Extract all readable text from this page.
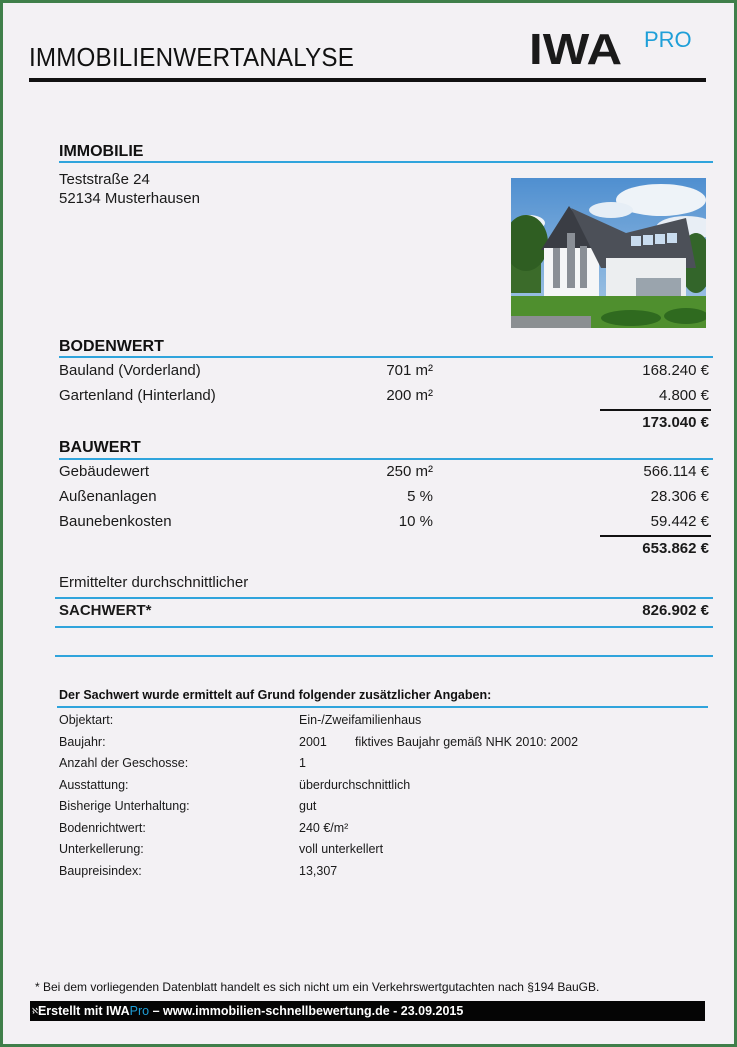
IMMOBILIENWERTANALYSE	IWA PRO
IMMOBILIE
Teststraße 24
52134 Musterhausen
BODENWERT
Bauland (Vorderland)	701 m²	168.240 €
Gartenland (Hinterland)	200 m²	4.800 €
173.040 €
BAUWERT
Gebäudewert	250 m²	566.114 €
Außenanlagen	5 %	28.306 €
Baunebenkosten	10 %	59.442 €
653.862 €
Ermittelter durchschnittlicher
SACHWERT*	826.902 €
Der Sachwert wurde ermittelt auf Grund folgender zusätzlicher Angaben:
Objektart:	Ein-/Zweifamilienhaus
Baujahr:	2001 fiktives Baujahr gemäß NHK 2010: 2002
Anzahl der Geschosse:	1
Ausstattung:	überdurchschnittlich
Bisherige Unterhaltung:	gut
Bodenrichtwert:	240 €/m²
Unterkellerung:	voll unterkellert
Baupreisindex:	13,307
* Bei dem vorliegenden Datenblatt handelt es sich nicht um ein Verkehrswertgutachten nach §194 BauGB.
ℵErstellt mit IWAPro – www.immobilien-schnellbewertung.de - 23.09.2015
